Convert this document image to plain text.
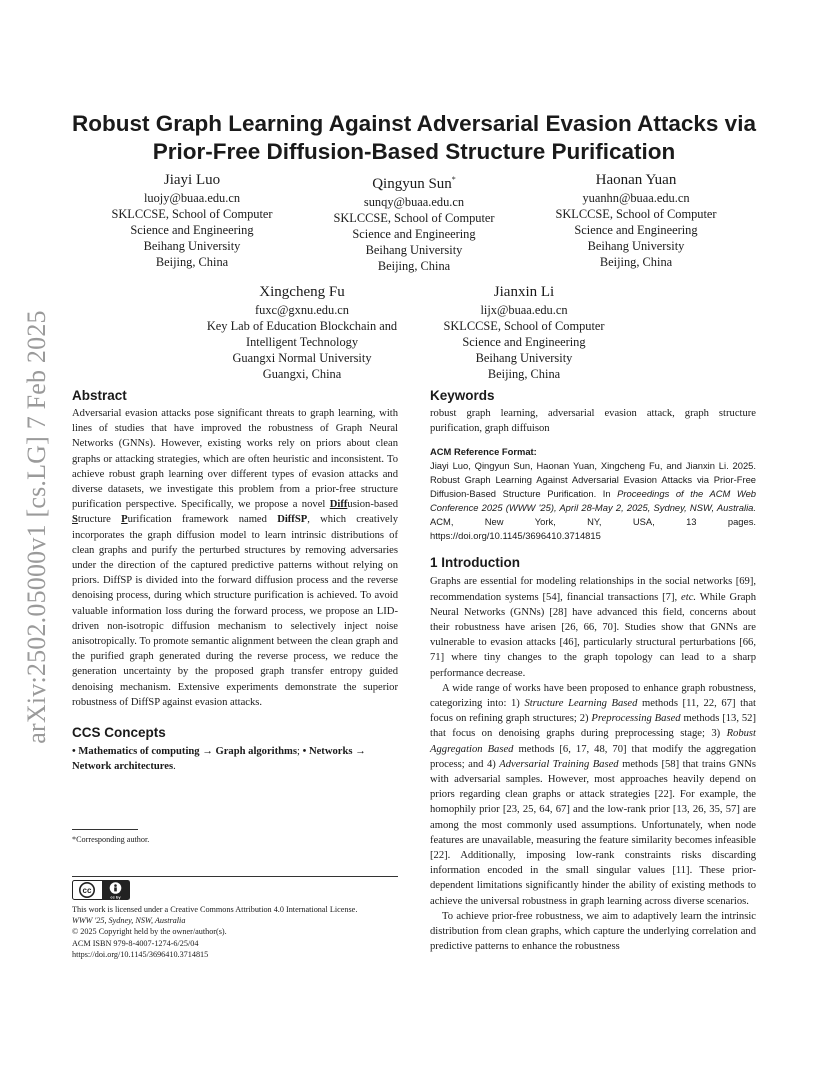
arXiv:2502.05000v1 [cs.LG] 7 Feb 2025
Robust Graph Learning Against Adversarial Evasion Attacks via
Prior-Free Diffusion-Based Structure Purification
Jiayi Luo
luojy@buaa.edu.cn
SKLCCSE, School of Computer
Science and Engineering
Beihang University
Beijing, China
Qingyun Sun*
sunqy@buaa.edu.cn
SKLCCSE, School of Computer
Science and Engineering
Beihang University
Beijing, China
Haonan Yuan
yuanhn@buaa.edu.cn
SKLCCSE, School of Computer
Science and Engineering
Beihang University
Beijing, China
Xingcheng Fu
fuxc@gxnu.edu.cn
Key Lab of Education Blockchain and
Intelligent Technology
Guangxi Normal University
Guangxi, China
Jianxin Li
lijx@buaa.edu.cn
SKLCCSE, School of Computer
Science and Engineering
Beihang University
Beijing, China
Abstract

Adversarial evasion attacks pose significant threats to graph learning, with lines of studies that have improved the robustness of Graph Neural Networks (GNNs). However, existing works rely on priors about clean graphs or attacking strategies, which are often heuristic and inconsistent. To achieve robust graph learning over different types of evasion attacks and diverse datasets, we investigate this problem from a prior-free structure purification perspective. Specifically, we propose a novel Diffusion-based Structure Purification framework named DiffSP, which creatively incorporates the graph diffusion model to learn intrinsic distributions of clean graphs and purify the perturbed structures by removing adversaries under the direction of the captured predictive patterns without relying on priors. DiffSP is divided into the forward diffusion process and the reverse denoising process, during which structure purification is achieved. To avoid valuable information loss during the forward process, we propose an LID-driven non-isotropic diffusion mechanism to selectively inject noise anisotropically. To promote semantic alignment between the clean graph and the purified graph generated during the reverse process, we reduce the generation uncertainty by the proposed graph transfer entropy guided denoising mechanism. Extensive experiments demonstrate the superior robustness of DiffSP against evasion attacks.

CCS Concepts

• Mathematics of computing → Graph algorithms; • Networks → Network architectures.

*Corresponding author.
cc
cc by
This work is licensed under a Creative Commons Attribution 4.0 International License.
WWW '25, Sydney, NSW, Australia
© 2025 Copyright held by the owner/author(s).
ACM ISBN 979-8-4007-1274-6/25/04
https://doi.org/10.1145/3696410.3714815
Keywords

robust graph learning, adversarial evasion attack, graph structure purification, graph diffuison

ACM Reference Format:

Jiayi Luo, Qingyun Sun, Haonan Yuan, Xingcheng Fu, and Jianxin Li. 2025. Robust Graph Learning Against Adversarial Evasion Attacks via Prior-Free Diffusion-Based Structure Purification. In Proceedings of the ACM Web Conference 2025 (WWW '25), April 28-May 2, 2025, Sydney, NSW, Australia. ACM, New York, NY, USA, 13 pages. https://doi.org/10.1145/3696410.3714815

1 Introduction

Graphs are essential for modeling relationships in the social networks [69], recommendation systems [54], financial transactions [7], etc. While Graph Neural Networks (GNNs) [28] have advanced this field, concerns about their robustness have arisen [26, 66, 70]. Studies show that GNNs are vulnerable to evasion attacks [46], particularly structural perturbations [66, 71] where tiny changes to the graph topology can lead to a sharp performance decrease.

A wide range of works have been proposed to enhance graph robustness, categorizing into: 1) Structure Learning Based methods [11, 22, 67] that focus on refining graph structures; 2) Preprocessing Based methods [13, 52] that focus on denoising graphs during preprocessing stage; 3) Robust Aggregation Based methods [6, 17, 48, 70] that modify the aggregation process; and 4) Adversarial Training Based methods [58] that trains GNNs with adversarial samples. However, most approaches heavily depend on priors regarding clean graphs or attack strategies [22]. For example, the homophily prior [23, 25, 64, 67] and the low-rank prior [13, 26, 35, 57] are among the most commonly used assumptions. Unfortunately, when node features are unavailable, measuring the feature similarity becomes infeasible [22]. Additionally, imposing low-rank constraints risks discarding information encoded in the small singular values [11]. These prior-dependent limitations significantly hinder the ability of existing methods to achieve the universal robustness in graph learning across diverse scenarios.

To achieve prior-free robustness, we aim to adaptively learn the intrinsic distribution from clean graphs, which capture the underlying correlation and predictive patterns to enhance the robustness
